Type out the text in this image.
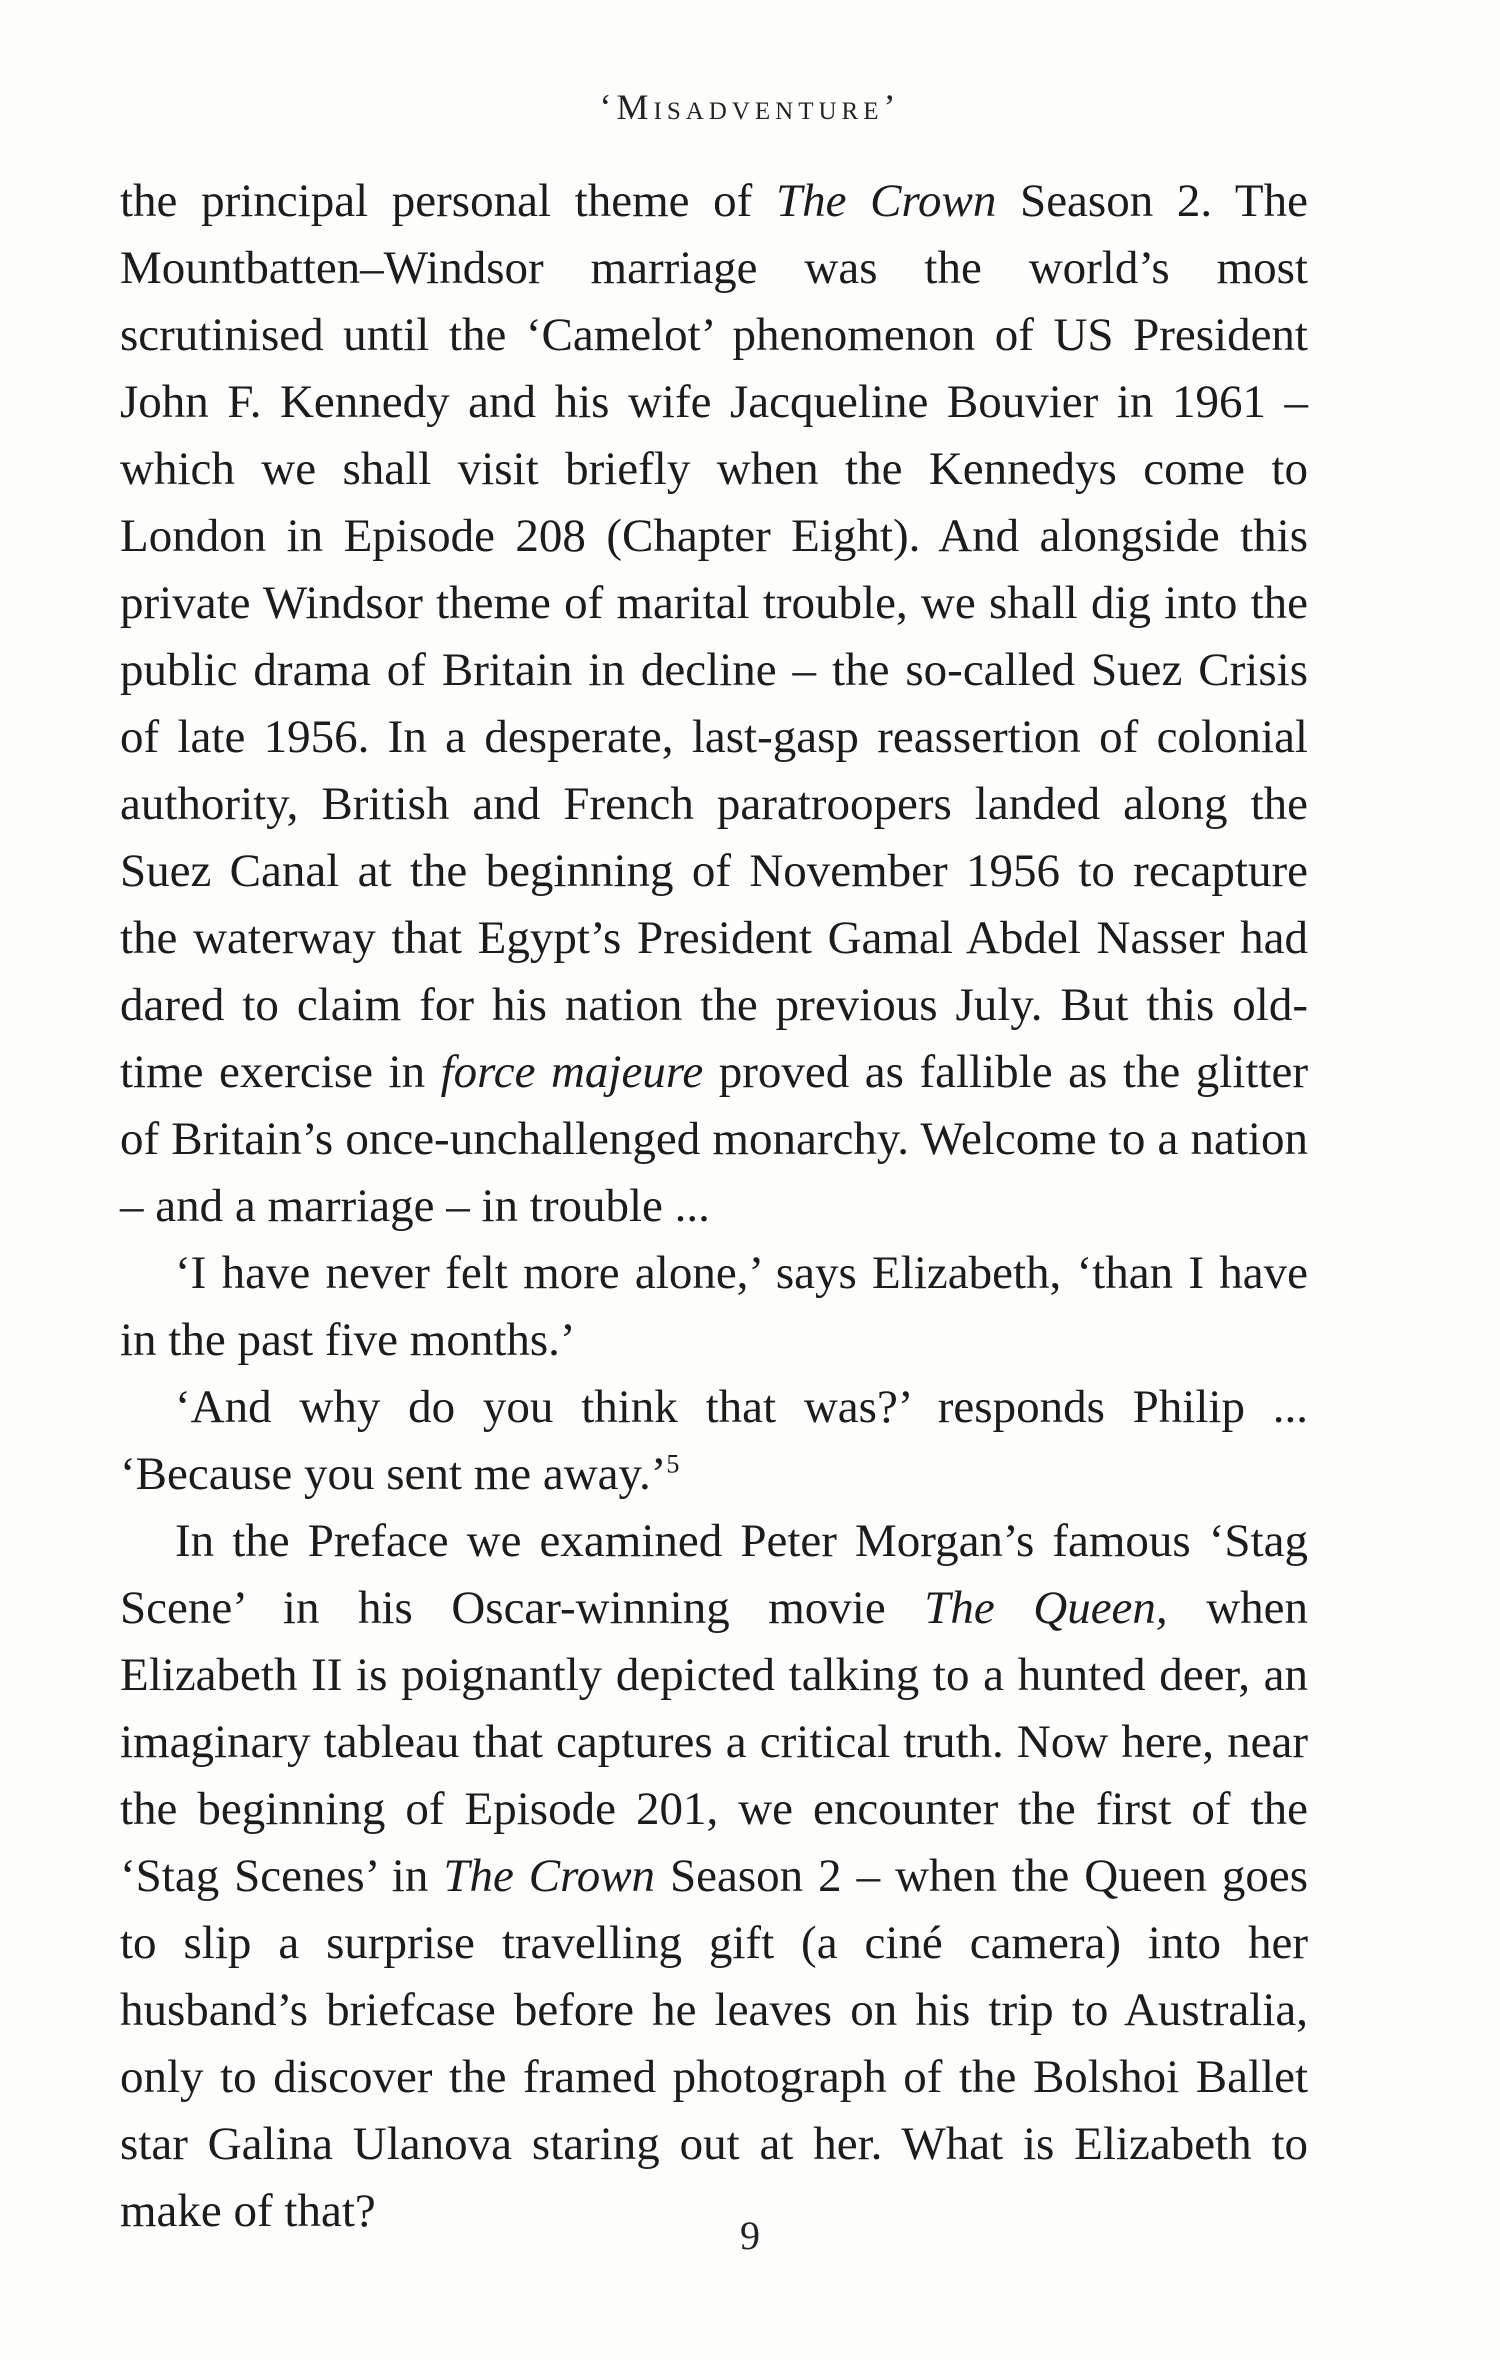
‘Misadventure’

the principal personal theme of The Crown Season 2. The Mountbatten–Windsor marriage was the world’s most scrutinised until the ‘Camelot’ phenomenon of US President John F. Kennedy and his wife Jacqueline Bouvier in 1961 – which we shall visit briefly when the Kennedys come to London in Episode 208 (Chapter Eight). And alongside this private Windsor theme of marital trouble, we shall dig into the public drama of Britain in decline – the so-called Suez Crisis of late 1956. In a desperate, last-gasp reassertion of colonial authority, British and French paratroopers landed along the Suez Canal at the beginning of November 1956 to recapture the waterway that Egypt’s President Gamal Abdel Nasser had dared to claim for his nation the previous July. But this old-time exercise in force majeure proved as fallible as the glitter of Britain’s once-unchallenged monarchy. Welcome to a nation – and a marriage – in trouble ...

‘I have never felt more alone,’ says Elizabeth, ‘than I have in the past five months.’

‘And why do you think that was?’ responds Philip ... ‘Because you sent me away.’$^5$

In the Preface we examined Peter Morgan’s famous ‘Stag Scene’ in his Oscar-winning movie The Queen, when Elizabeth II is poignantly depicted talking to a hunted deer, an imaginary tableau that captures a critical truth. Now here, near the beginning of Episode 201, we encounter the first of the ‘Stag Scenes’ in The Crown Season 2 – when the Queen goes to slip a surprise travelling gift (a ciné camera) into her husband’s briefcase before he leaves on his trip to Australia, only to discover the framed photograph of the Bolshoi Ballet star Galina Ulanova staring out at her. What is Elizabeth to make of that?	9
